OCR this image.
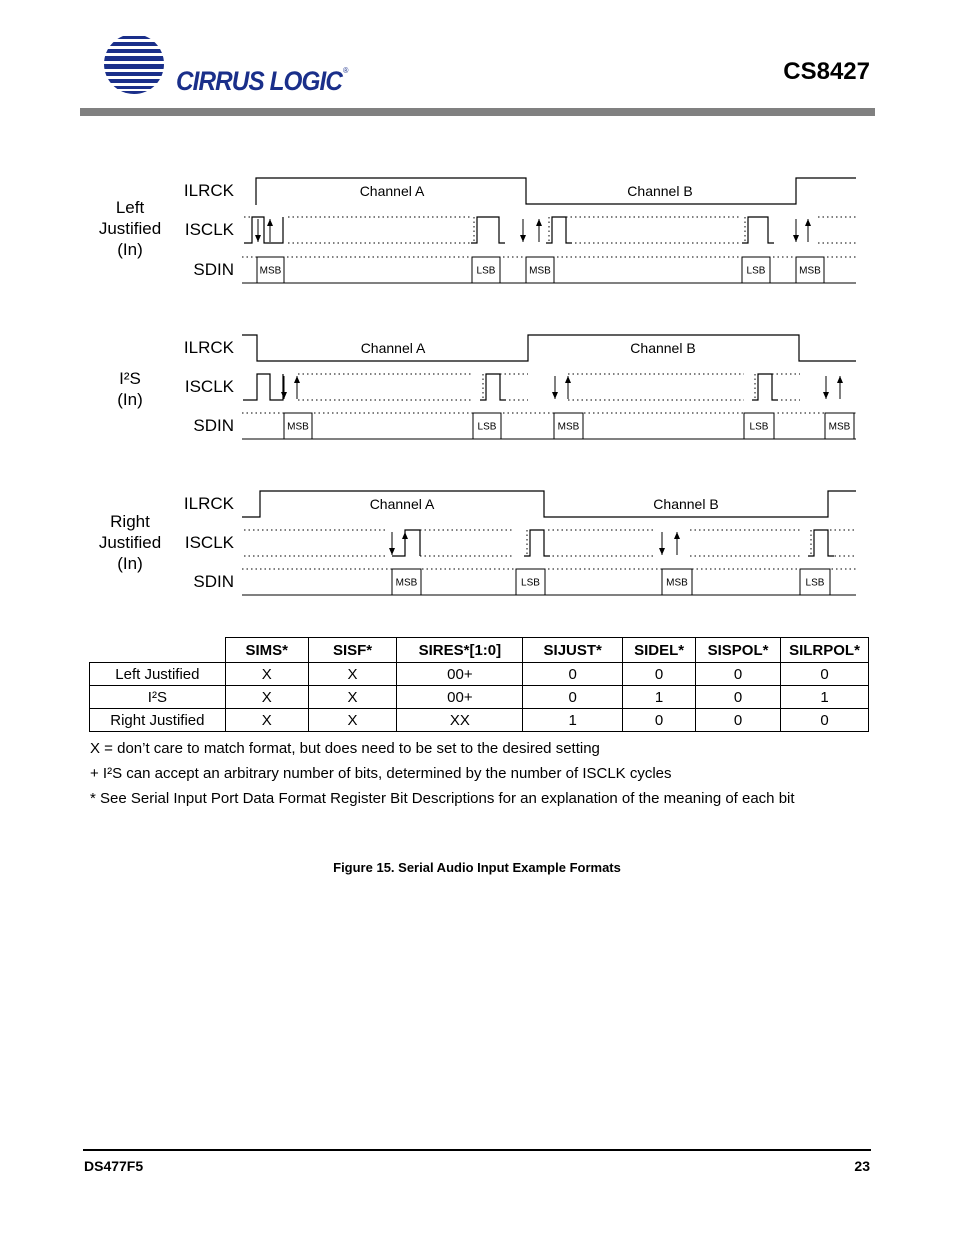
CIRRUS LOGIC®	CS8427
Left
Justified
(In)
ILRCK
ISCLK
SDIN
Channel A	Channel B
MSB	LSB	MSB	LSB	MSB
I²S
(In)
ILRCK
ISCLK
SDIN
Channel A	Channel B
MSB	LSB	MSB	LSB	MSB
Right
Justified
(In)
ILRCK
ISCLK
SDIN
Channel A	Channel B
MSB	LSB	MSB	LSB
	SIMS*	SISF*	SIRES*[1:0]	SIJUST*	SIDEL*	SISPOL*	SILRPOL*
Left Justified	X	X	00+	0	0	0	0
I²S	X	X	00+	0	1	0	1
Right Justified	X	X	XX	1	0	0	0

X = don’t care to match format, but does need to be set to the desired setting

+ I²S can accept an arbitrary number of bits, determined by the number of ISCLK cycles

* See Serial Input Port Data Format Register Bit Descriptions for an explanation of the meaning of each bit

Figure 15. Serial Audio Input Example Formats
DS477F5	23
